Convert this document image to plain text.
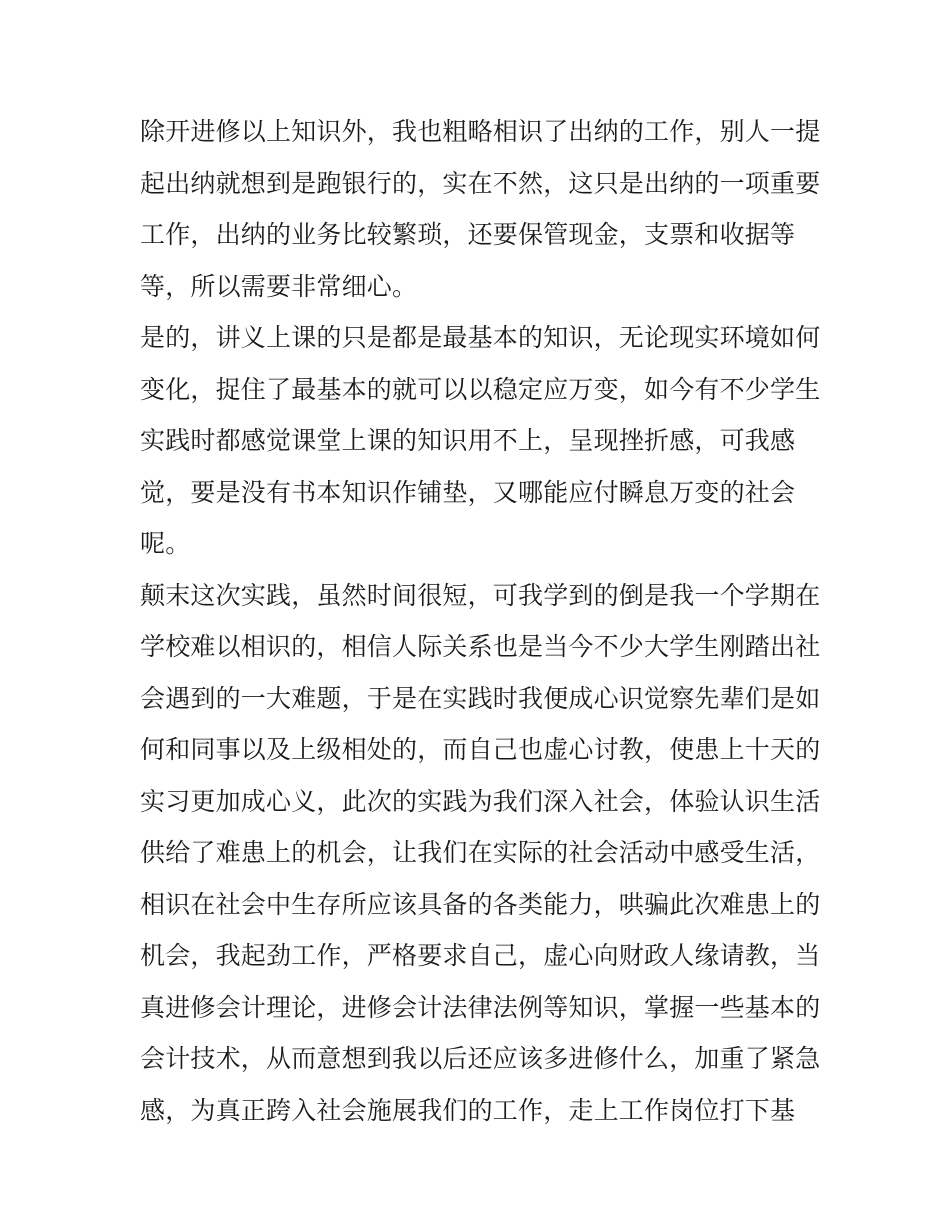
除开进修以上知识外，我也粗略相识了出纳的工作，别人一提
起出纳就想到是跑银行的，实在不然，这只是出纳的一项重要
工作，出纳的业务比较繁琐，还要保管现金，支票和收据等
等，所以需要非常细心。
是的，讲义上课的只是都是最基本的知识，无论现实环境如何
变化，捉住了最基本的就可以以稳定应万变，如今有不少学生
实践时都感觉课堂上课的知识用不上，呈现挫折感，可我感
觉，要是没有书本知识作铺垫，又哪能应付瞬息万变的社会
呢。
颠末这次实践，虽然时间很短，可我学到的倒是我一个学期在
学校难以相识的，相信人际关系也是当今不少大学生刚踏出社
会遇到的一大难题，于是在实践时我便成心识觉察先辈们是如
何和同事以及上级相处的，而自己也虚心讨教，使患上十天的
实习更加成心义，此次的实践为我们深入社会，体验认识生活
供给了难患上的机会，让我们在实际的社会活动中感受生活，
相识在社会中生存所应该具备的各类能力，哄骗此次难患上的
机会，我起劲工作，严格要求自己，虚心向财政人缘请教，当
真进修会计理论，进修会计法律法例等知识，掌握一些基本的
会计技术，从而意想到我以后还应该多进修什么，加重了紧急
感，为真正跨入社会施展我们的工作，走上工作岗位打下基
